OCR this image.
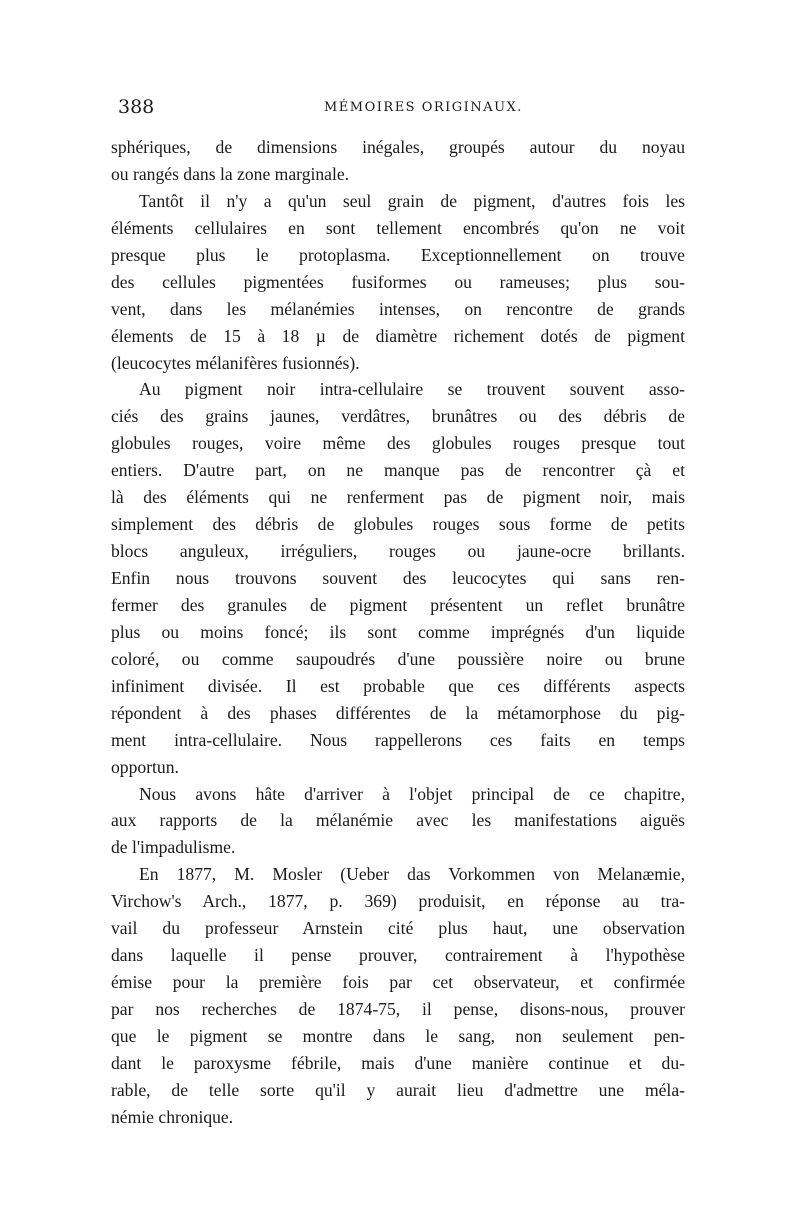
388	MÉMOIRES ORIGINAUX.
sphériques, de dimensions inégales, groupés autour du noyau
ou rangés dans la zone marginale.
Tantôt il n'y a qu'un seul grain de pigment, d'autres fois les
éléments cellulaires en sont tellement encombrés qu'on ne voit
presque plus le protoplasma. Exceptionnellement on trouve
des cellules pigmentées fusiformes ou rameuses; plus sou-
vent, dans les mélanémies intenses, on rencontre de grands
élements de 15 à 18 µ de diamètre richement dotés de pigment
(leucocytes mélanifères fusionnés).
Au pigment noir intra-cellulaire se trouvent souvent asso-
ciés des grains jaunes, verdâtres, brunâtres ou des débris de
globules rouges, voire même des globules rouges presque tout
entiers. D'autre part, on ne manque pas de rencontrer çà et
là des éléments qui ne renferment pas de pigment noir, mais
simplement des débris de globules rouges sous forme de petits
blocs anguleux, irréguliers, rouges ou jaune-ocre brillants.
Enfin nous trouvons souvent des leucocytes qui sans ren-
fermer des granules de pigment présentent un reflet brunâtre
plus ou moins foncé; ils sont comme imprégnés d'un liquide
coloré, ou comme saupoudrés d'une poussière noire ou brune
infiniment divisée. Il est probable que ces différents aspects
répondent à des phases différentes de la métamorphose du pig-
ment intra-cellulaire. Nous rappellerons ces faits en temps
opportun.
Nous avons hâte d'arriver à l'objet principal de ce chapitre,
aux rapports de la mélanémie avec les manifestations aiguës
de l'impadulisme.
En 1877, M. Mosler (Ueber das Vorkommen von Melanæmie,
Virchow's Arch., 1877, p. 369) produisit, en réponse au tra-
vail du professeur Arnstein cité plus haut, une observation
dans laquelle il pense prouver, contrairement à l'hypothèse
émise pour la première fois par cet observateur, et confirmée
par nos recherches de 1874-75, il pense, disons-nous, prouver
que le pigment se montre dans le sang, non seulement pen-
dant le paroxysme fébrile, mais d'une manière continue et du-
rable, de telle sorte qu'il y aurait lieu d'admettre une méla-
némie chronique.
